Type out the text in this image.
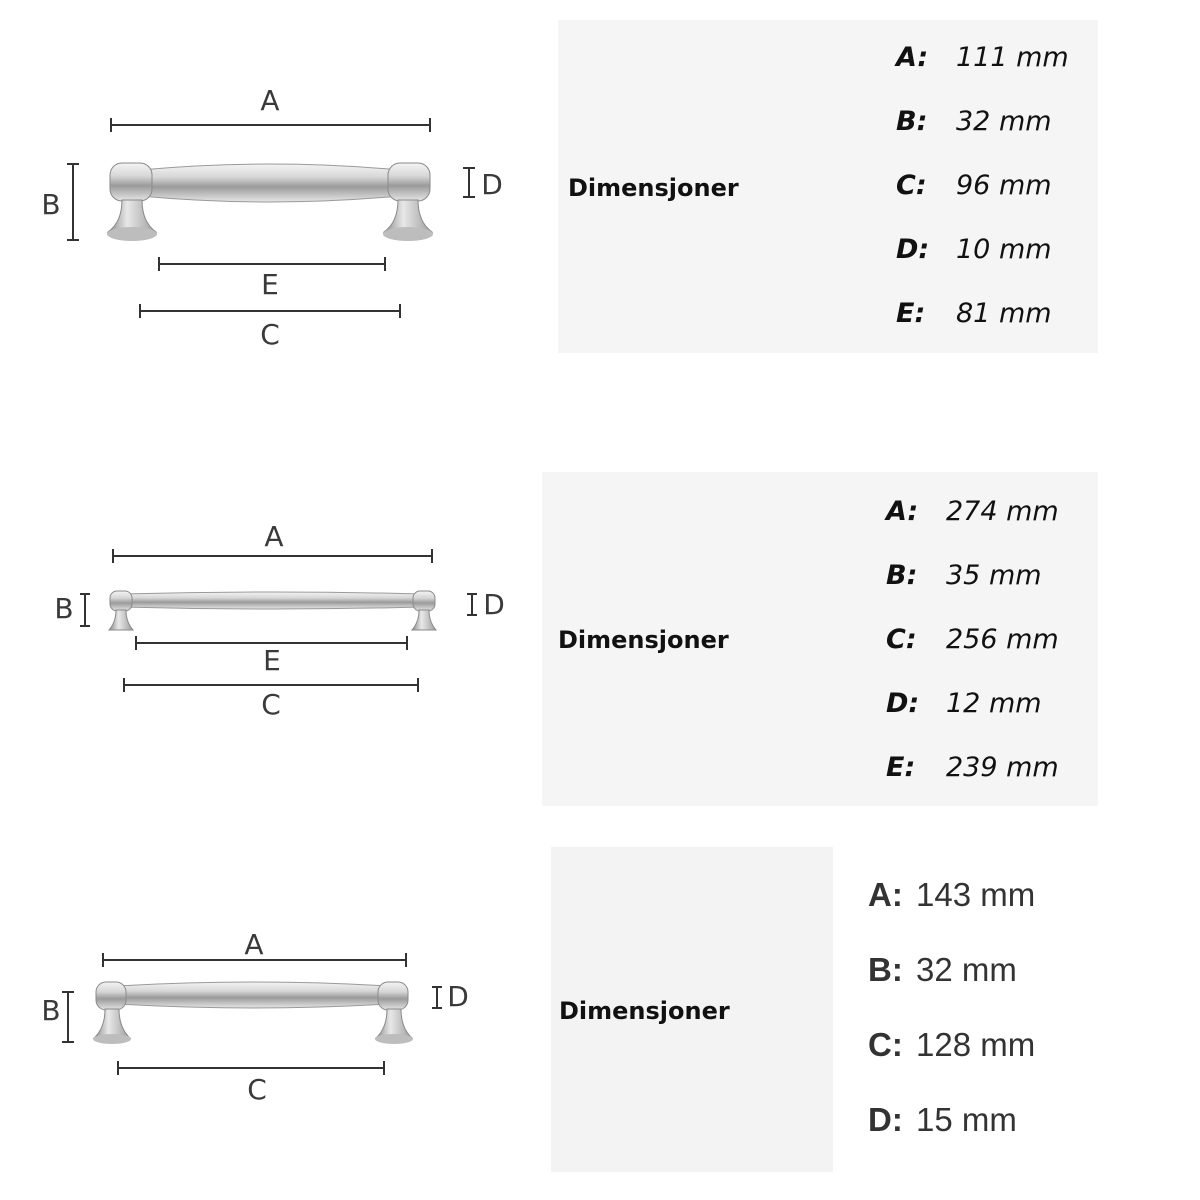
A
B
D
E
C
Dimensjoner
A: 111 mm
B: 32 mm
C: 96 mm
D: 10 mm
E: 81 mm
A
B	D
E
C
Dimensjoner
A: 274 mm
B: 35 mm
C: 256 mm
D: 12 mm
E: 239 mm
A
B	D
C
Dimensjoner
A: 143 mm
B: 32 mm
C: 128 mm
D: 15 mm
